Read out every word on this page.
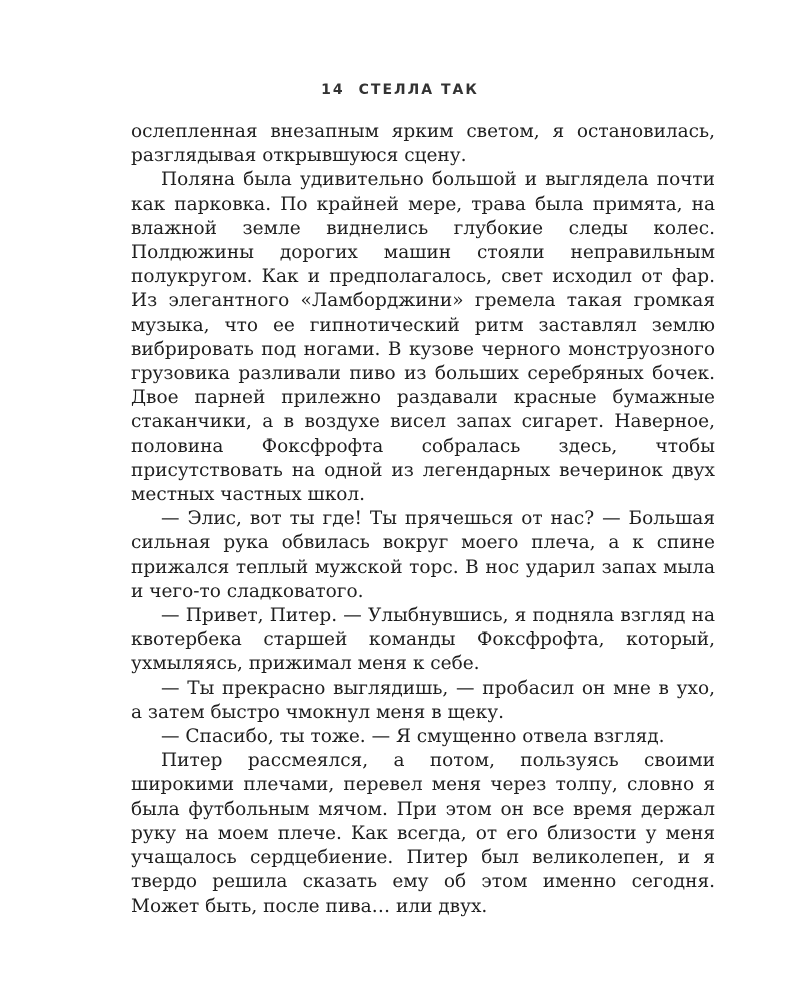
14 СТЕЛЛА ТАК

ослепленная внезапным ярким светом, я остановилась, разглядывая открывшуюся сцену.

Поляна была удивительно большой и выглядела почти как парковка. По крайней мере, трава была примята, на влажной земле виднелись глубокие следы колес. Полдюжины дорогих машин стояли неправильным полукругом. Как и предполагалось, свет исходил от фар. Из элегантного «Ламборджини» гремела такая громкая музыка, что ее гипнотический ритм заставлял землю вибрировать под ногами. В кузове черного монструозного грузовика разливали пиво из больших серебряных бочек. Двое парней прилежно раздавали красные бумажные стаканчики, а в воздухе висел запах сигарет. Наверное, половина Фоксфрофта собралась здесь, чтобы присутствовать на одной из легендарных вечеринок двух местных частных школ.

— Элис, вот ты где! Ты прячешься от нас? — Большая сильная рука обвилась вокруг моего плеча, а к спине прижался теплый мужской торс. В нос ударил запах мыла и чего-то сладковатого.

— Привет, Питер. — Улыбнувшись, я подняла взгляд на квотербека старшей команды Фоксфрофта, который, ухмыляясь, прижимал меня к себе.

— Ты прекрасно выглядишь, — пробасил он мне в ухо, а затем быстро чмокнул меня в щеку.

— Спасибо, ты тоже. — Я смущенно отвела взгляд.

Питер рассмеялся, а потом, пользуясь своими широкими плечами, перевел меня через толпу, словно я была футбольным мячом. При этом он все время держал руку на моем плече. Как всегда, от его близости у меня учащалось сердцебиение. Питер был великолепен, и я твердо решила сказать ему об этом именно сегодня. Может быть, после пива… или двух.
